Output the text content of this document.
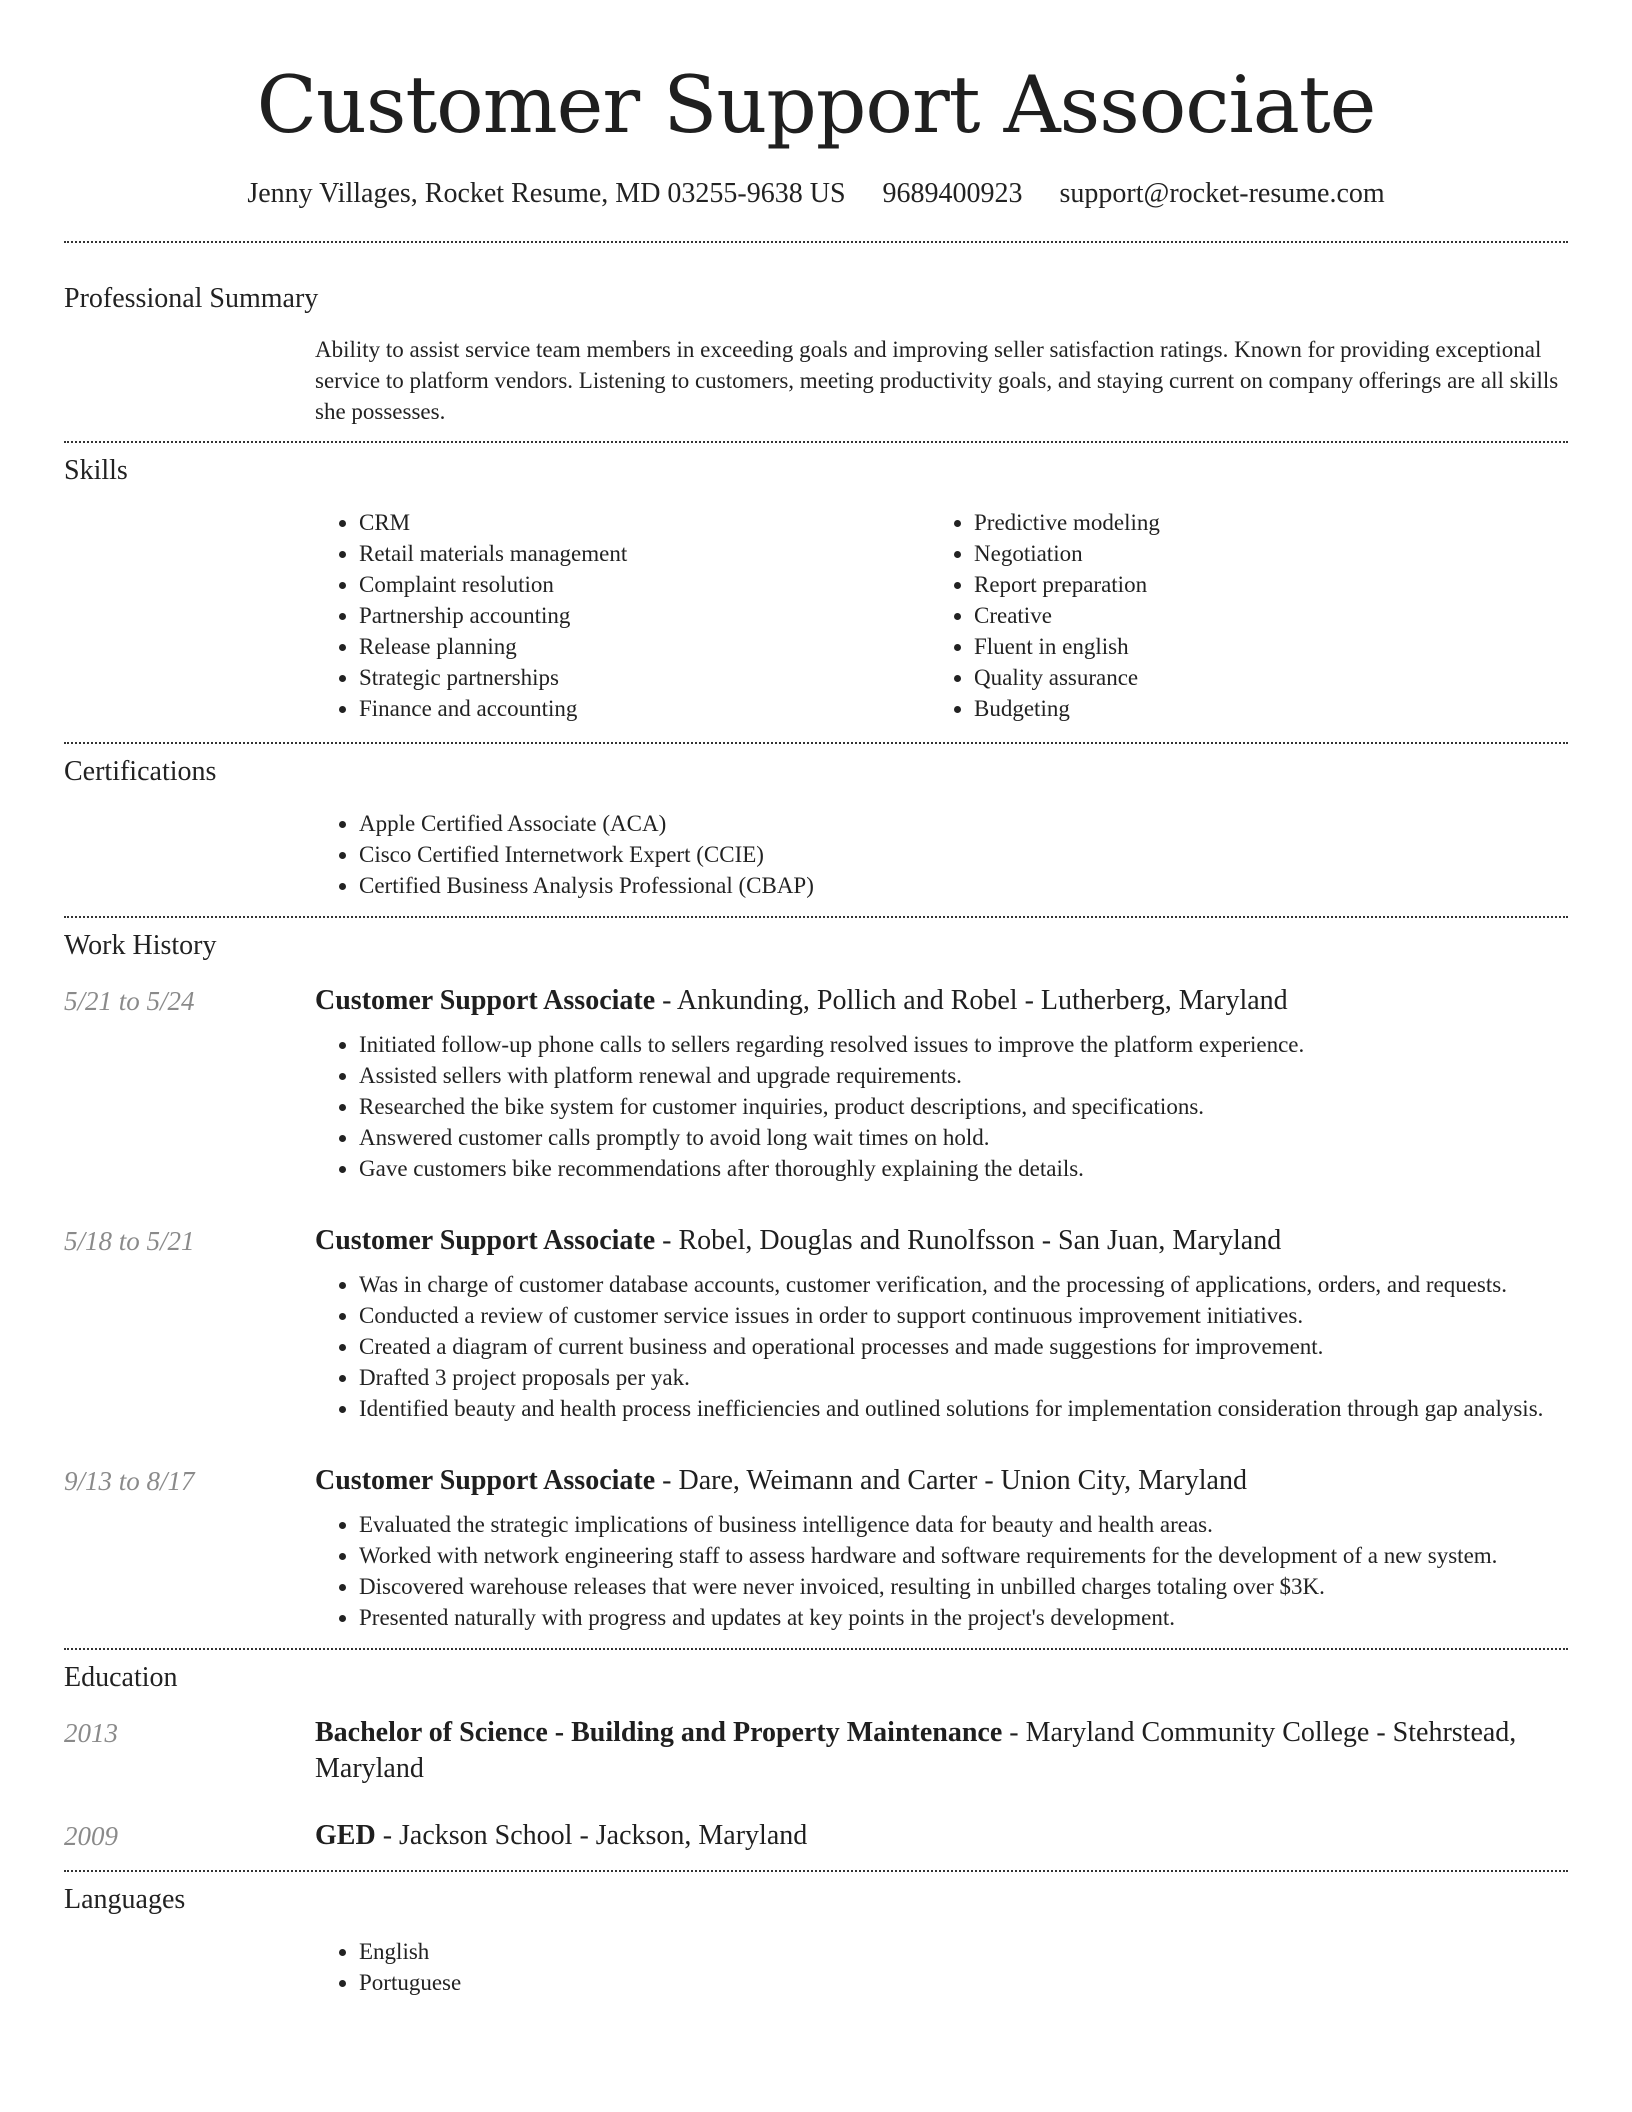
Customer Support Associate
Jenny Villages, Rocket Resume, MD 03255-9638 US 9689400923 support@rocket-resume.com
Professional Summary
Ability to assist service team members in exceeding goals and improving seller satisfaction ratings. Known for providing exceptional service to platform vendors. Listening to customers, meeting productivity goals, and staying current on company offerings are all skills she possesses.
Skills
• CRM
• Retail materials management
• Complaint resolution
• Partnership accounting
• Release planning
• Strategic partnerships
• Finance and accounting
• Predictive modeling
• Negotiation
• Report preparation
• Creative
• Fluent in english
• Quality assurance
• Budgeting
Certifications
• Apple Certified Associate (ACA)
• Cisco Certified Internetwork Expert (CCIE)
• Certified Business Analysis Professional (CBAP)
Work History
5/21 to 5/24	Customer Support Associate - Ankunding, Pollich and Robel - Lutherberg, Maryland
• Initiated follow-up phone calls to sellers regarding resolved issues to improve the platform experience.
• Assisted sellers with platform renewal and upgrade requirements.
• Researched the bike system for customer inquiries, product descriptions, and specifications.
• Answered customer calls promptly to avoid long wait times on hold.
• Gave customers bike recommendations after thoroughly explaining the details.
5/18 to 5/21	Customer Support Associate - Robel, Douglas and Runolfsson - San Juan, Maryland
• Was in charge of customer database accounts, customer verification, and the processing of applications, orders, and requests.
• Conducted a review of customer service issues in order to support continuous improvement initiatives.
• Created a diagram of current business and operational processes and made suggestions for improvement.
• Drafted 3 project proposals per yak.
• Identified beauty and health process inefficiencies and outlined solutions for implementation consideration through gap analysis.
9/13 to 8/17	Customer Support Associate - Dare, Weimann and Carter - Union City, Maryland
• Evaluated the strategic implications of business intelligence data for beauty and health areas.
• Worked with network engineering staff to assess hardware and software requirements for the development of a new system.
• Discovered warehouse releases that were never invoiced, resulting in unbilled charges totaling over $3K.
• Presented naturally with progress and updates at key points in the project's development.
Education
2013	Bachelor of Science - Building and Property Maintenance - Maryland Community College - Stehrstead, Maryland
2009	GED - Jackson School - Jackson, Maryland
Languages
• English
• Portuguese
